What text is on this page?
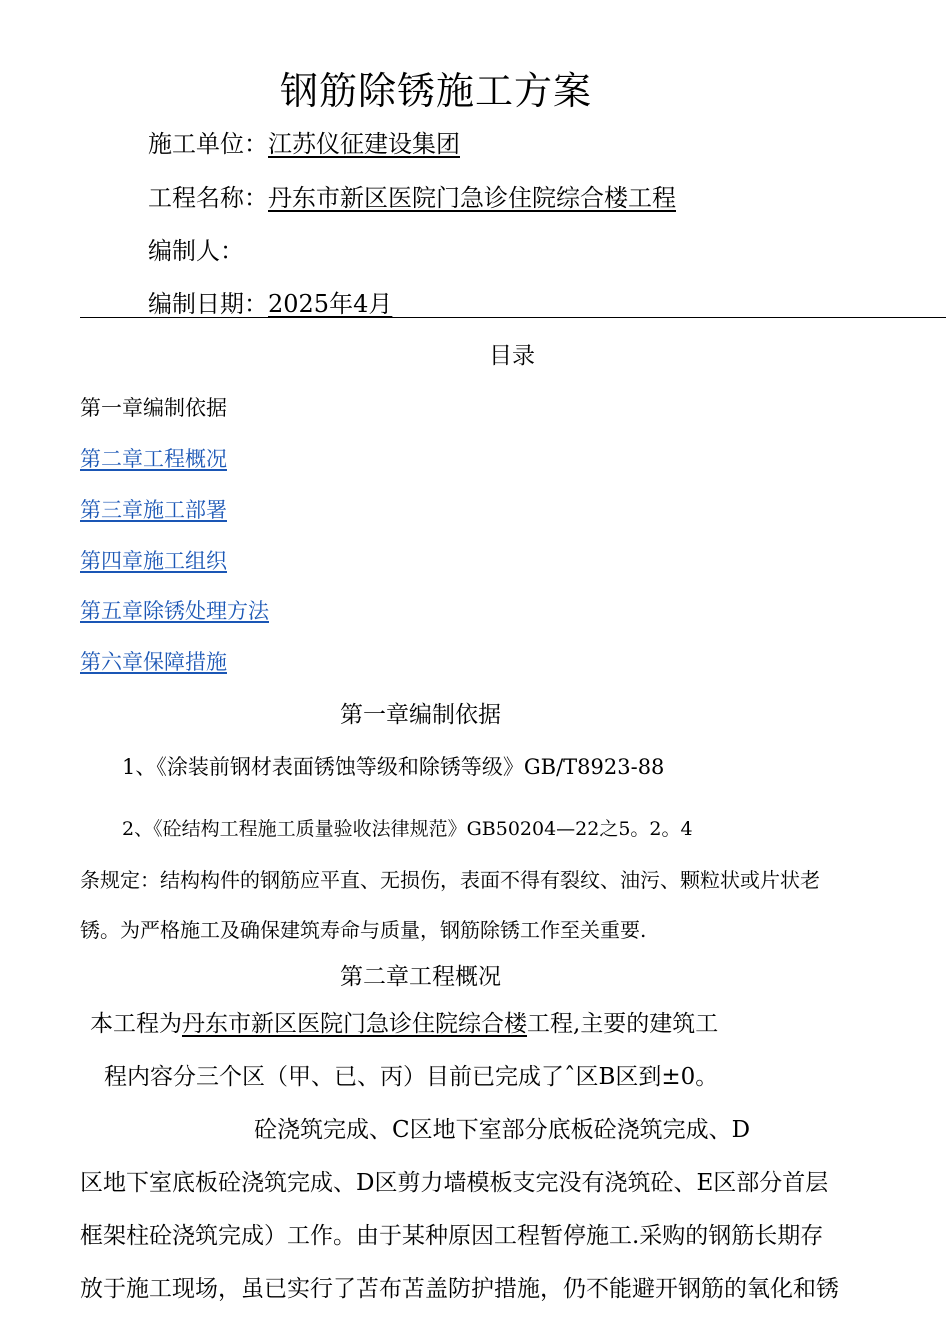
钢筋除锈施工方案
施工单位：江苏仪征建设集团
工程名称：丹东市新区医院门急诊住院综合楼工程
编制人：
编制日期：2025年4月
目录
第一章编制依据
第二章工程概况
第三章施工部署
第四章施工组织
第五章除锈处理方法
第六章保障措施
第一章编制依据
1、《涂装前钢材表面锈蚀等级和除锈等级》GB/T8923-88
2、《砼结构工程施工质量验收法律规范》GB50204—22之5。2。4
条规定：结构构件的钢筋应平直、无损伤，表面不得有裂纹、油污、颗粒状或片状老
锈。为严格施工及确保建筑寿命与质量，钢筋除锈工作至关重要.
第二章工程概况
本工程为丹东市新区医院门急诊住院综合楼工程,主要的建筑工
程内容分三个区（甲、已、丙）目前已完成了ˆ区B区到±0。
砼浇筑完成、C区地下室部分底板砼浇筑完成、D
区地下室底板砼浇筑完成、D区剪力墙模板支完没有浇筑砼、E区部分首层
框架柱砼浇筑完成）工作。由于某种原因工程暂停施工.采购的钢筋长期存
放于施工现场，虽已实行了苫布苫盖防护措施，仍不能避开钢筋的氧化和锈
